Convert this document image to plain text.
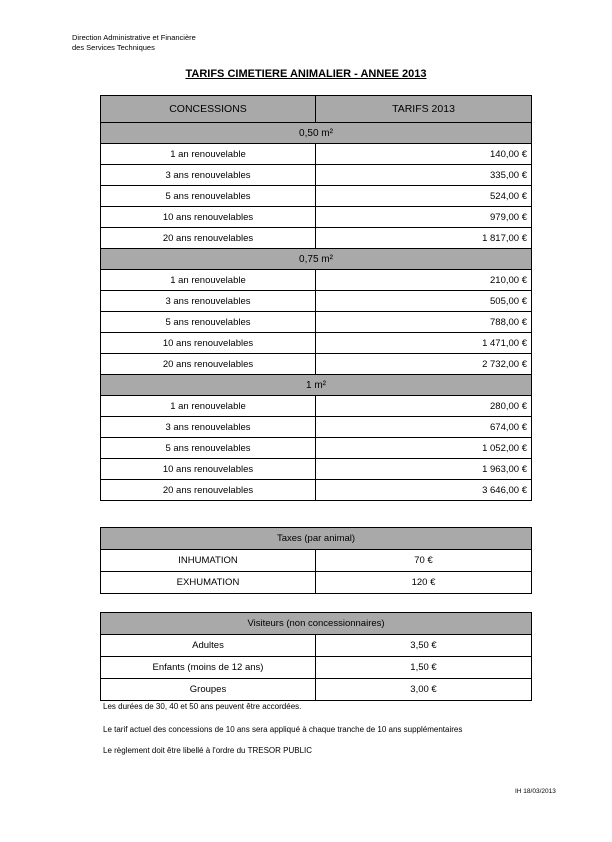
Direction Administrative et Financière
des Services Techniques
TARIFS CIMETIERE ANIMALIER - ANNEE 2013
CONCESSIONS	TARIFS 2013
0,50 m²	
1 an renouvelable	140,00 €
3 ans renouvelables	335,00 €
5 ans renouvelables	524,00 €
10 ans renouvelables	979,00 €
20 ans renouvelables	1 817,00 €
0,75 m²	
1 an renouvelable	210,00 €
3 ans renouvelables	505,00 €
5 ans renouvelables	788,00 €
10 ans renouvelables	1 471,00 €
20 ans renouvelables	2 732,00 €
1 m²	
1 an renouvelable	280,00 €
3 ans renouvelables	674,00 €
5 ans renouvelables	1 052,00 €
10 ans renouvelables	1 963,00 €
20 ans renouvelables	3 646,00 €
Taxes (par animal)	
INHUMATION	70 €
EXHUMATION	120 €
Visiteurs (non concessionnaires)	
Adultes	3,50 €
Enfants (moins de 12 ans)	1,50 €
Groupes	3,00 €
Les durées de 30, 40 et 50 ans peuvent être accordées.
Le tarif actuel des concessions de 10 ans sera appliqué à chaque tranche de 10 ans supplémentaires
Le règlement doit être libellé à l'ordre du TRESOR PUBLIC
IH 18/03/2013
